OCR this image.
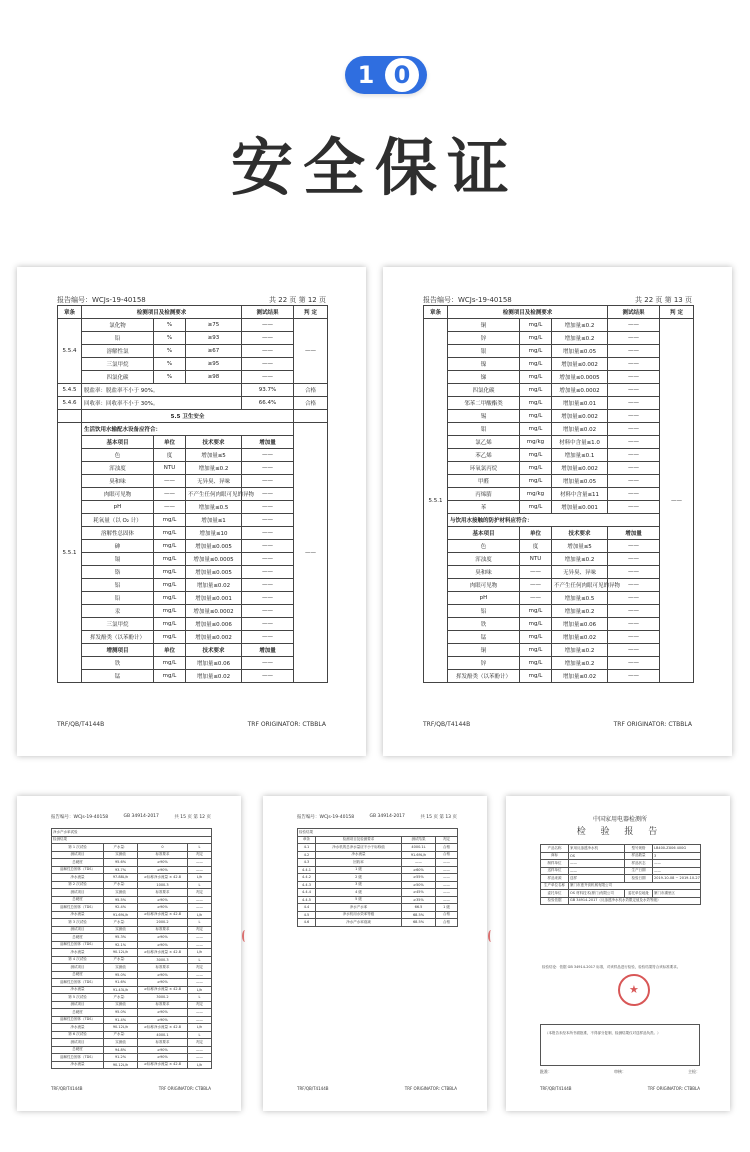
1 0
安全保证
报告编号：WCJs-19-40158	共 22 页 第 12 页
章条	检测项目及检测要求			测试结果	判 定
5.5.4	氯化物	%	≥75	——	——
	铅	%	≥93	——	
	溶解性氯	%	≥67	——	
	三氯甲烷	%	≥95	——	
	四氯化碳	%	≥98	——	
5.4.5	脱盐率：脱盐率不小于 90%。			93.7%	合格
5.4.6	回收率：回收率不小于 30%。			66.4%	合格
	5.5 卫生安全				
5.5.1	生活饮用水输配水设备应符合：				——
	基本项目	单位	技术要求	增加量	
	色	度	增加量≤5	——	
	浑浊度	NTU	增加量≤0.2	——	
	臭和味	——	无异臭、异味	——	
	肉眼可见物	——	不产生任何肉眼可见的异物	——	
	pH	——	增加量≤0.5	——	
	耗氧量（以 O₂ 计）	mg/L	增加量≤1	——	
	溶解性总固体	mg/L	增加量≤10	——	
	砷	mg/L	增加量≤0.005	——	
	镉	mg/L	增加量≤0.0005	——	
	铬	mg/L	增加量≤0.005	——	
	铝	mg/L	增加量≤0.02	——	
	铅	mg/L	增加量≤0.001	——	
	汞	mg/L	增加量≤0.0002	——	
	三氯甲烷	mg/L	增加量≤0.006	——	
	挥发酚类（以苯酚计）	mg/L	增加量≤0.002	——	
	增测项目	单位	技术要求	增加量	
	铁	mg/L	增加量≤0.06	——	
	锰	mg/L	增加量≤0.02	——	
TRF/QB/T4144B	TRF ORIGINATOR: CTBBLA
报告编号：WCJs-19-40158	共 22 页 第 13 页
章条	检测项目及检测要求			测试结果	判 定
5.5.1	铜	mg/L	增加量≤0.2	——	——
	锌	mg/L	增加量≤0.2	——	
	银	mg/L	增加量≤0.05	——	
	镍	mg/L	增加量≤0.002	——	
	锑	mg/L	增加量≤0.0005	——	
	四氯化碳	mg/L	增加量≤0.0002	——	
	邻苯二甲酸酯类	mg/L	增加量≤0.01	——	
	锡	mg/L	增加量≤0.002	——	
	钼	mg/L	增加量≤0.02	——	
	氯乙烯	mg/kg	材料中含量≤1.0	——	
	苯乙烯	mg/L	增加量≤0.1	——	
	环氧氯丙烷	mg/L	增加量≤0.002	——	
	甲醛	mg/L	增加量≤0.05	——	
	丙烯腈	mg/kg	材料中含量≤11	——	
	苯	mg/L	增加量≤0.001	——	
	与饮用水接触的防护材料应符合：				
	基本项目	单位	技术要求	增加量	
	色	度	增加量≤5	——	
	浑浊度	NTU	增加量≤0.2	——	
	臭和味	——	无异臭、异味	——	
	肉眼可见物	——	不产生任何肉眼可见的异物	——	
	pH	——	增加量≤0.5	——	
	铝	mg/L	增加量≤0.2	——	
	铁	mg/L	增加量≤0.06	——	
	锰	mg/L	增加量≤0.02	——	
	铜	mg/L	增加量≤0.2	——	
	锌	mg/L	增加量≤0.2	——	
	挥发酚类（以苯酚计）	mg/L	增加量≤0.02	——	
TRF/QB/T4144B	TRF ORIGINATOR: CTBBLA
报告编号：WCJs-19-40158	GB 34914-2017	共 15 页 第 12 页
净水产水率试验			
检测结果			
第 1 次试验	产水量：	0	L
测试项目	实测值	标准要求	判定
总硬度	95.6%	≥90%	——
溶解性总固体（TDS）	93.7%	≥90%	——
净水流量	97.88L/h	≥标称净水流量 × 42.8	L/h
第 2 次试验	产水量：	1000.3	L
测试项目	实测值	标准要求	判定
总硬度	95.5%	≥90%	——
溶解性总固体（TDS）	92.4%	≥90%	——
净水流量	91.69L/h	≥标称净水流量 × 42.8	L/h
第 3 次试验	产水量：	2000.2	L
测试项目	实测值	标准要求	判定
总硬度	95.3%	≥90%	——
溶解性总固体（TDS）	92.1%	≥90%	——
净水流量	90.12L/h	≥标称净水流量 × 42.8	L/h
第 4 次试验	产水量：	3000.3	L
测试项目	实测值	标准要求	判定
总硬度	95.0%	≥90%	——
溶解性总固体（TDS）	91.6%	≥90%	——
净水流量	91.43L/h	≥标称净水流量 × 42.8	L/h
第 5 次试验	产水量：	3000.2	L
测试项目	实测值	标准要求	判定
总硬度	95.0%	≥90%	——
溶解性总固体（TDS）	91.4%	≥90%	——
净水流量	90.12L/h	≥标称净水流量 × 42.8	L/h
第 6 次试验	产水量：	4000.1	L
测试项目	实测值	标准要求	判定
总硬度	94.8%	≥90%	——
溶解性总固体（TDS）	91.2%	≥90%	——
净水流量	90.12L/h	≥标称净水流量 × 42.8	L/h
TRF/QB/T4144B	TRF ORIGINATOR: CTBBLA
报告编号：WCJs-19-40158	GB 34914-2017	共 15 页 第 13 页
检验结果			
章条	检测项目及检测要求	测试结果	判定
4.1	净水机的总净水量应不小于标称值	4000.1L	合格
4.2	净水流量	91.69L/h	合格
4.3	回收率	——	——
4.4.1	1 级	≥60%	——
4.4.2	2 级	≥55%	——
4.4.3	3 级	≥50%	——
4.4.4	4 级	≥45%	——
4.4.5	5 级	≥35%	——
4.4	净水产水率	66.5	1 级
4.5	净水机用水效率等级	68.5%	合格
4.6	净水产水率衰减	68.5%	合格
TRF/QB/T4144B	TRF ORIGINATOR: CTBBLA
中国家用电器检测所
检 验 报 告
产品名称	家用反渗透净水机	型号规格	LB400-ZX06 400G
商标	OS	样品数量	3
制样单位	——	样品状态	——
送样单位	——	生产日期	——
样品来源	送样	检验日期	2019-10-08 ~ 2019-10-27
生产单位名称	厦门市惠齐食机械有限公司		
委托单位	OS 材料技术(厦门)有限公司	委托单位地址	厦门市湖里区
检验依据	GB 34914-2017《反渗透净水机水效限定值及水效等级》		
检验结论：依据 GB 34914-2017 标准，对该样品进行检验，检验结果符合该标准要求。
★
（本报告未经本所书面批准，不得部分复制，检测结果仅对送样品负责。）
批准：	审核：	主检：
TRF/QB/T4144B	TRF ORIGINATOR: CTBBLA
